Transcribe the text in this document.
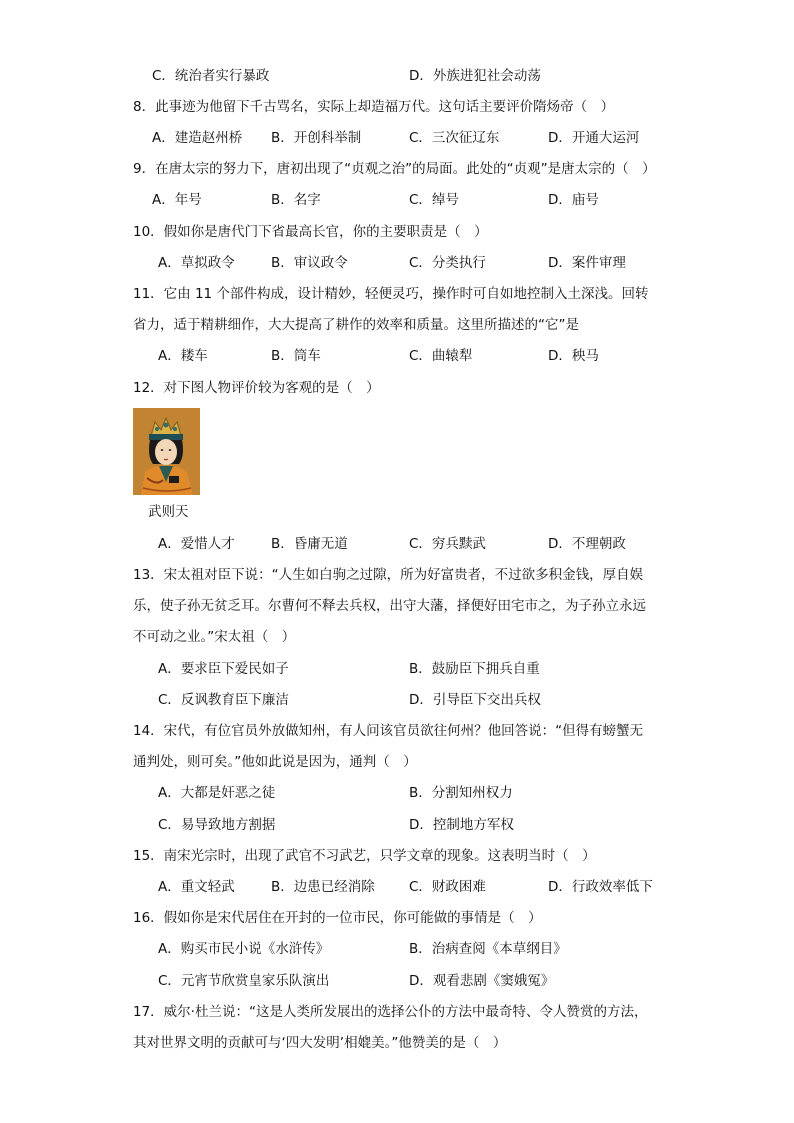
C．统治者实行暴政	D．外族进犯社会动荡
8．此事迹为他留下千古骂名，实际上却造福万代。这句话主要评价隋炀帝（　）
A．建造赵州桥 B．开创科举制	C．三次征辽东	D．开通大运河
9．在唐太宗的努力下，唐初出现了“贞观之治”的局面。此处的“贞观”是唐太宗的（　）
A．年号	B．名字	C．绰号	D．庙号
10．假如你是唐代门下省最高长官，你的主要职责是（　）
A．草拟政令	B．审议政令	C．分类执行	D．案件审理
11．它由 11 个部件构成，设计精妙，轻便灵巧，操作时可自如地控制入土深浅。回转
省力，适于精耕细作，大大提高了耕作的效率和质量。这里所描述的“它”是
A．耧车	B．筒车	C．曲辕犁	D．秧马
12．对下图人物评价较为客观的是（　）
武则天
A．爱惜人才	B．昏庸无道	C．穷兵黩武	D．不理朝政
13．宋太祖对臣下说：“人生如白驹之过隙，所为好富贵者，不过欲多积金钱，厚自娱
乐，使子孙无贫乏耳。尔曹何不释去兵权，出守大藩，择便好田宅市之，为子孙立永远
不可动之业。”宋太祖（　）
A．要求臣下爱民如子	B．鼓励臣下拥兵自重
C．反讽教育臣下廉洁	D．引导臣下交出兵权
14．宋代，有位官员外放做知州，有人问该官员欲往何州？他回答说：“但得有螃蟹无
通判处，则可矣。”他如此说是因为，通判（　）
A．大都是奸恶之徒	B．分割知州权力
C．易导致地方割据	D．控制地方军权
15．南宋光宗时，出现了武官不习武艺，只学文章的现象。这表明当时（　）
A．重文轻武	B．边患已经消除	C．财政困难	D．行政效率低下
16．假如你是宋代居住在开封的一位市民，你可能做的事情是（　）
A．购买市民小说《水浒传》	B．治病查阅《本草纲目》
C．元宵节欣赏皇家乐队演出	D．观看悲剧《窦娥冤》
17．威尔·杜兰说：“这是人类所发展出的选择公仆的方法中最奇特、令人赞赏的方法，
其对世界文明的贡献可与‘四大发明’相媲美。”他赞美的是（　）
